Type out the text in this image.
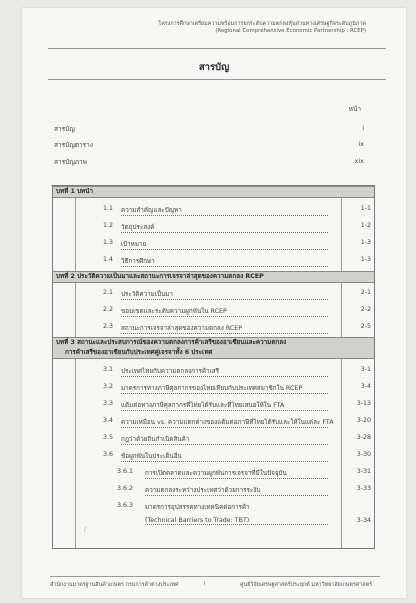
โครงการศึกษาเตรียมความพร้อมการยกระดับความตกลงหุ้นส่วนทางเศรษฐกิจระดับภูมิภาค
(Regional Comprehensive Economic Partnership : RCEP)
สารบัญ
หน้า
สารบัญ	i
สารบัญตาราง	ix
สารบัญภาพ	xix
บทที่ 1 บทนำ
1.1 ความสำคัญและปัญหา	1-1
1.2 วัตถุประสงค์	1-2
1.3 เป้าหมาย	1-3
1.4 วิธีการศึกษา	1-3
บทที่ 2 ประวัติความเป็นมาและสถานะการเจรจาล่าสุดของความตกลง RCEP
2.1 ประวัติความเป็นมา	2-1
2.2 ขอบเขตและระดับความผูกพันใน RCEP	2-2
2.3 สถานะการเจรจาล่าสุดของความตกลง RCEP	2-5
บทที่ 3 สถานะและประสบการณ์ของความตกลงการค้าเสรีของอาเซียนและความตกลง
การค้าเสรีของอาเซียนกับประเทศคู่เจรจาทั้ง 6 ประเทศ
3.1 ประเทศไทยกับความตกลงการค้าเสรี	3-1
3.2 มาตรการทางภาษีศุลกากรของไทยเทียบกับประเทศสมาชิกใน RCEP	3-4
3.3 แต้มต่อทางภาษีศุลกากรที่ไทยได้รับและที่ไทยเสนอให้ใน FTA	3-13
3.4 ความเหมือน vs. ความแตกต่างของแต้มต่อภาษีที่ไทยได้รับและให้ในแต่ละ FTA	3-20
3.5 กฎว่าด้วยถิ่นกำเนิดสินค้า	3-28
3.6 ข้อผูกพันในประเด็นอื่น	3-30
3.6.1 การเปิดตลาดและความผูกพันการเจรจาที่มีในปัจจุบัน	3-31
3.6.2 ความตกลงระหว่างประเทศว่าด้วยการระงับ	3-33
3.6.3 มาตรการอุปสรรคทางเทคนิคต่อการค้า
(Technical Barriers to Trade: TBT)	3-34
/
สำนักงานมาตรฐานสินค้าเกษตร กรมการค้าต่างประเทศ	i	ศูนย์วิจัยเศรษฐศาสตร์ประยุกต์ มหาวิทยาลัยเกษตรศาสตร์
